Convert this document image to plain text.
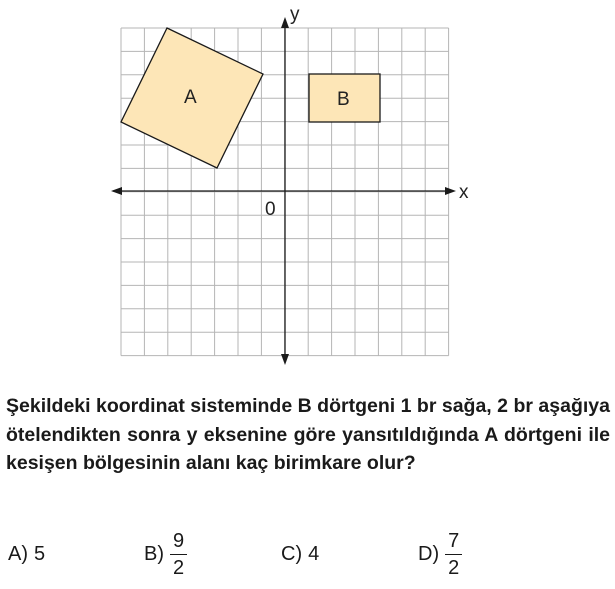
x
y
0
A	B

Şekildeki koordinat sisteminde B dörtgeni 1 br sağa, 2 br aşağıya ötelendikten sonra y eksenine göre yansıtıldığında A dörtgeni ile kesişen bölgesinin alanı kaç birimkare olur?

A) 5	$B) \frac{9}{2}$	C) 4	$D) \frac{7}{2}$
